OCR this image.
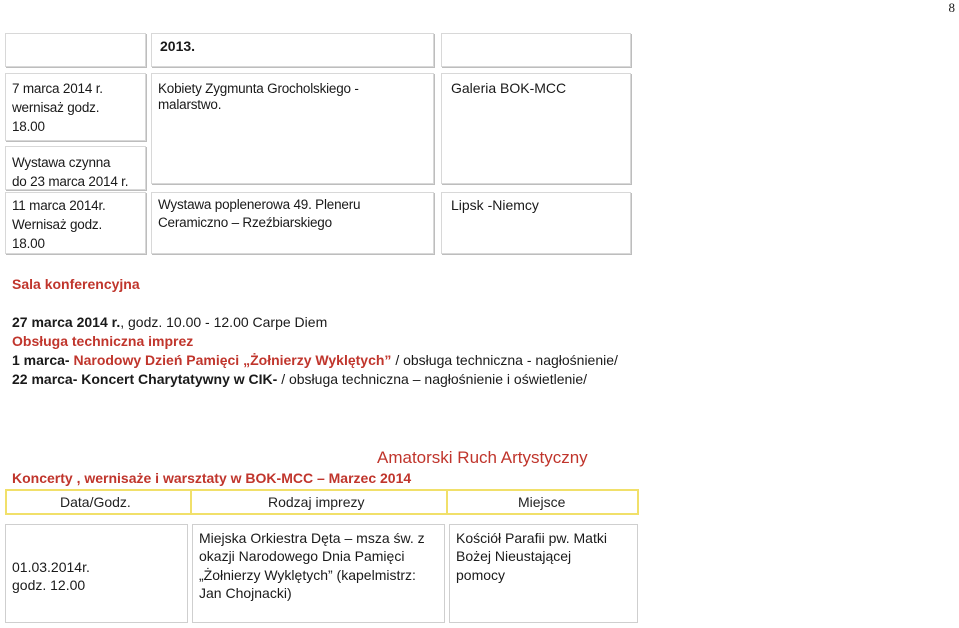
8
2013.
7 marca 2014 r.
wernisaż godz.
18.00
Kobiety Zygmunta Grocholskiego -
malarstwo.
Galeria BOK-MCC
Wystawa czynna
do 23 marca 2014 r.
11 marca 2014r.
Wernisaż godz.
18.00
Wystawa poplenerowa 49. Pleneru
Ceramiczno – Rzeźbiarskiego
Lipsk -Niemcy
Sala konferencyjna
27 marca 2014 r., godz. 10.00 - 12.00 Carpe Diem
Obsługa techniczna imprez
1 marca- Narodowy Dzień Pamięci „Żołnierzy Wyklętych” / obsługa techniczna - nagłośnienie/
22 marca- Koncert Charytatywny w CIK- / obsługa techniczna – nagłośnienie i oświetlenie/
Amatorski Ruch Artystyczny
Koncerty , wernisaże i warsztaty w BOK-MCC – Marzec 2014
Data/Godz.	Rodzaj imprezy	Miejsce
01.03.2014r.
godz. 12.00
Miejska Orkiestra Dęta – msza św. z
okazji Narodowego Dnia Pamięci
„Żołnierzy Wyklętych” (kapelmistrz:
Jan Chojnacki)
Kościół Parafii pw. Matki
Bożej Nieustającej
pomocy
